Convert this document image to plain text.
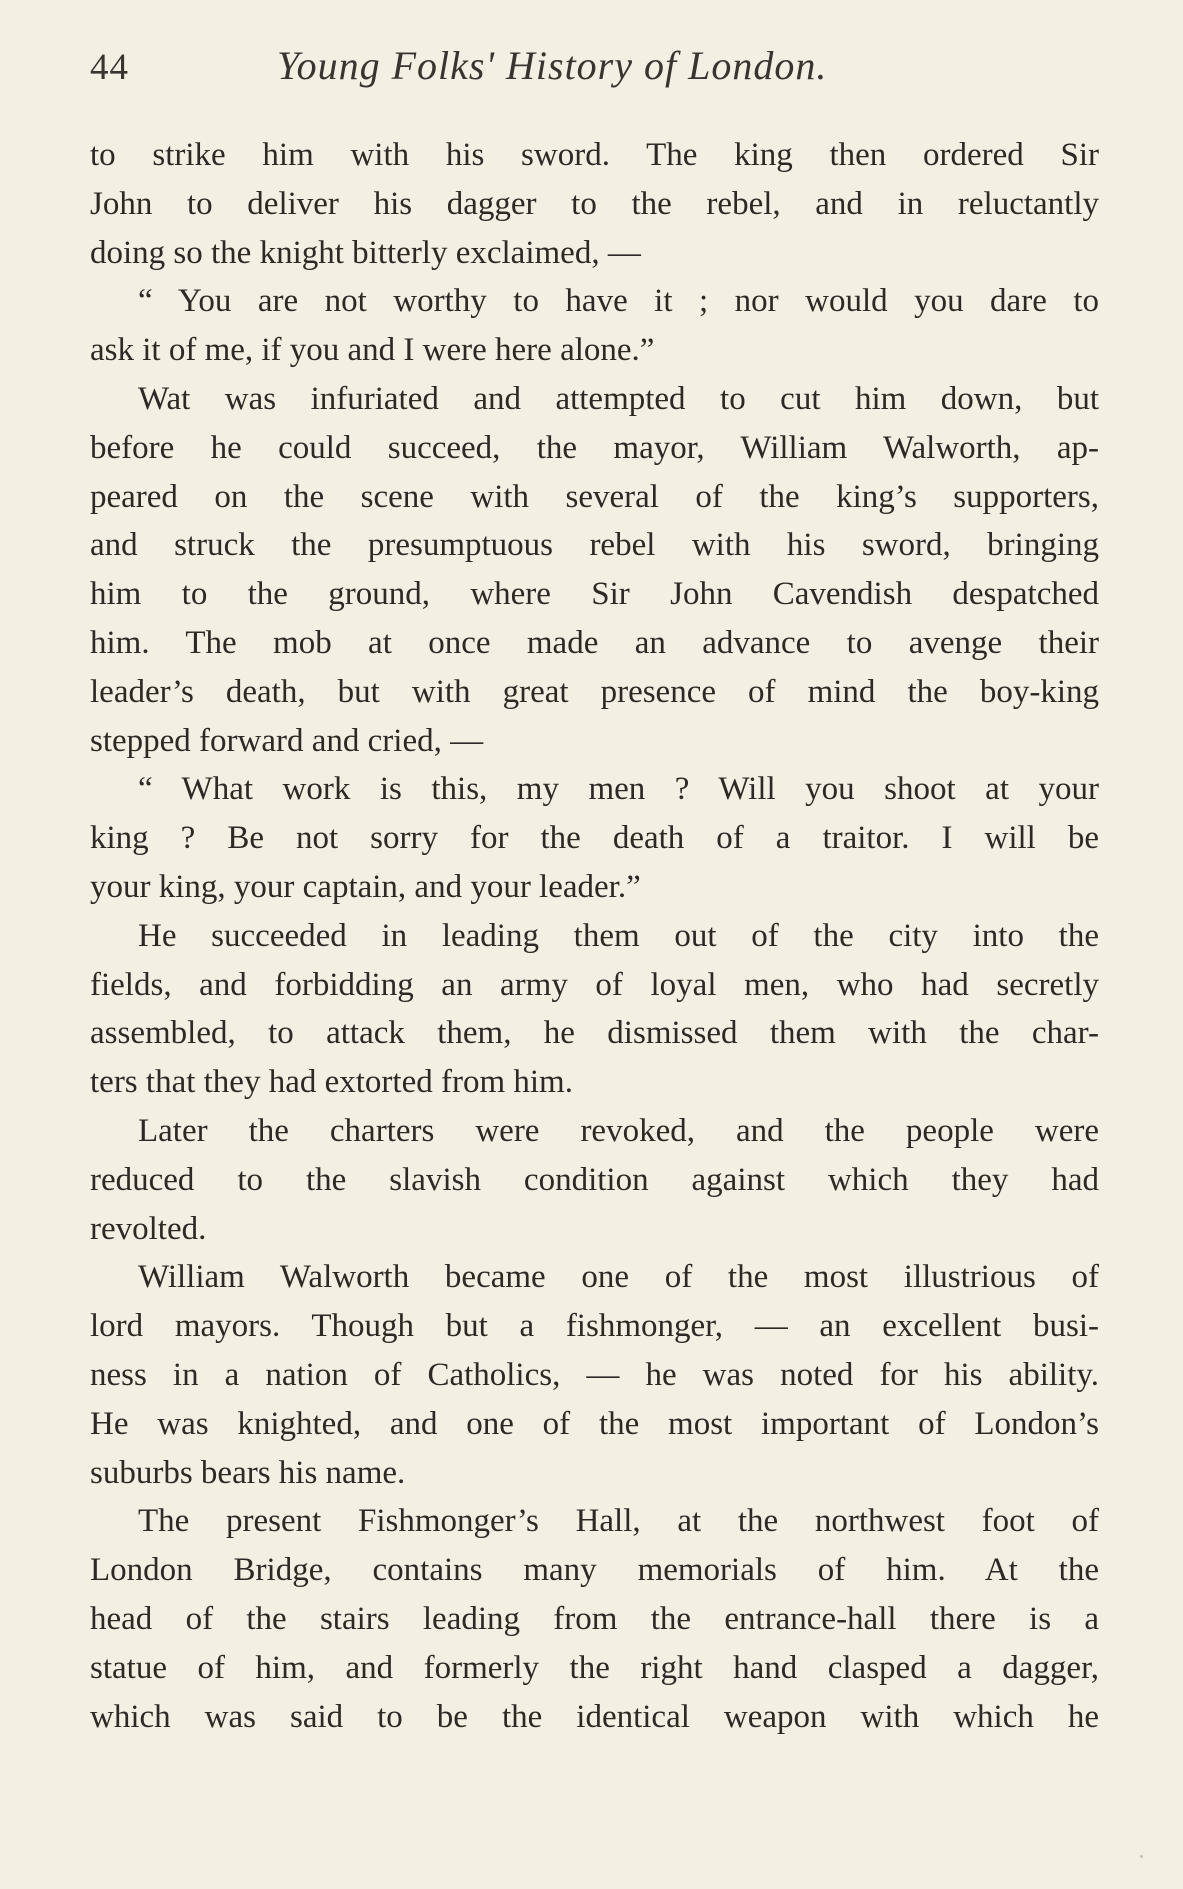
44	Young Folks' History of London.
to strike him with his sword. The king then ordered Sir
John to deliver his dagger to the rebel, and in reluctantly
doing so the knight bitterly exclaimed, —
“ You are not worthy to have it ; nor would you dare to
ask it of me, if you and I were here alone.”
Wat was infuriated and attempted to cut him down, but
before he could succeed, the mayor, William Walworth, ap-
peared on the scene with several of the king’s supporters,
and struck the presumptuous rebel with his sword, bringing
him to the ground, where Sir John Cavendish despatched
him. The mob at once made an advance to avenge their
leader’s death, but with great presence of mind the boy-king
stepped forward and cried, —
“ What work is this, my men ? Will you shoot at your
king ? Be not sorry for the death of a traitor. I will be
your king, your captain, and your leader.”
He succeeded in leading them out of the city into the
fields, and forbidding an army of loyal men, who had secretly
assembled, to attack them, he dismissed them with the char-
ters that they had extorted from him.
Later the charters were revoked, and the people were
reduced to the slavish condition against which they had
revolted.
William Walworth became one of the most illustrious of
lord mayors. Though but a fishmonger, — an excellent busi-
ness in a nation of Catholics, — he was noted for his ability.
He was knighted, and one of the most important of London’s
suburbs bears his name.
The present Fishmonger’s Hall, at the northwest foot of
London Bridge, contains many memorials of him. At the
head of the stairs leading from the entrance-hall there is a
statue of him, and formerly the right hand clasped a dagger,
which was said to be the identical weapon with which he
